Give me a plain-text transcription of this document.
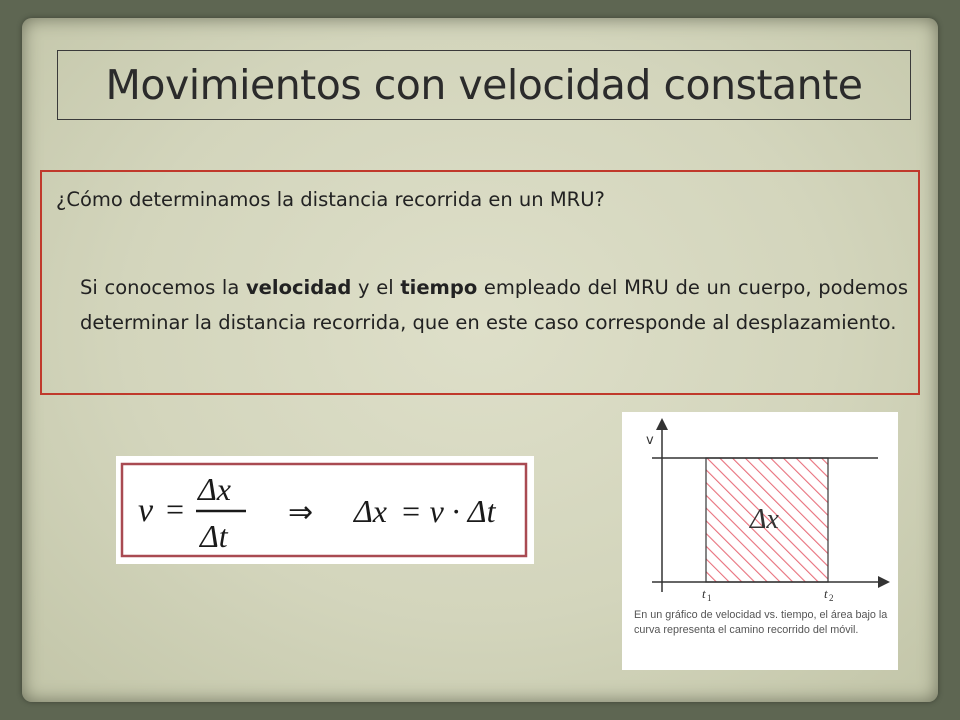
Movimientos con velocidad constante
¿Cómo determinamos la distancia recorrida en un MRU?
Si conocemos la velocidad y el tiempo empleado del MRU de un cuerpo, podemos determinar la distancia recorrida, que en este caso corresponde al desplazamiento.
v =
Δx
Δt
⇒ Δx = v · Δt
v
Δx
t 1	t 2
En un gráfico de velocidad vs. tiempo, el área bajo la curva representa el camino recorrido del móvil.
